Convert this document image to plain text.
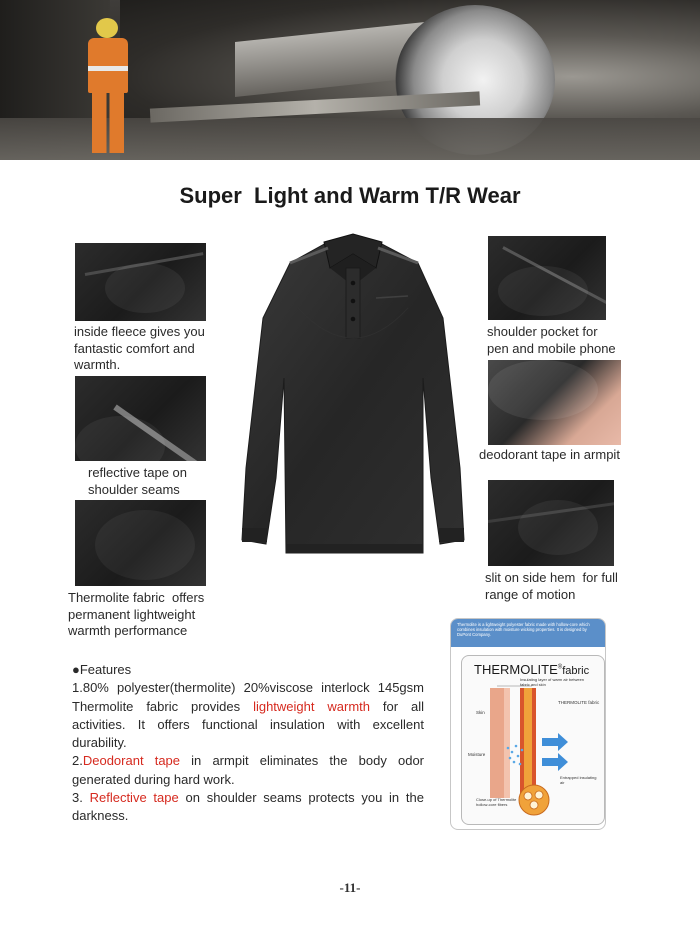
Super  Light and Warm T/R Wear
inside fleece gives you
fantastic comfort and
warmth.
reflective tape on
shoulder seams
Thermolite fabric  offers
permanent lightweight
warmth performance
shoulder pocket for
pen and mobile phone
deodorant tape in armpit
slit on side hem  for full
range of motion

●Features

1.80% polyester(thermolite) 20%viscose interlock 145gsm Thermolite fabric provides lightweight warmth for all activities. It offers functional insulation with excellent durability.

2.Deodorant tape in armpit eliminates the body odor generated during hard work.

3. Reflective tape on shoulder seams protects you in the darkness.

Thermolite is a lightweight polyester fabric made with hollow-core which combines insulation with moisture wicking properties. It is designed by DuPont Company.
THERMOLITE®fabric
Insulating layer of warm air between fabric and skin
THERMOLITE fabric
Skin
Moisture
Entrapped insulating air
Close-up of Thermolite hollow-core fibers
-11-
